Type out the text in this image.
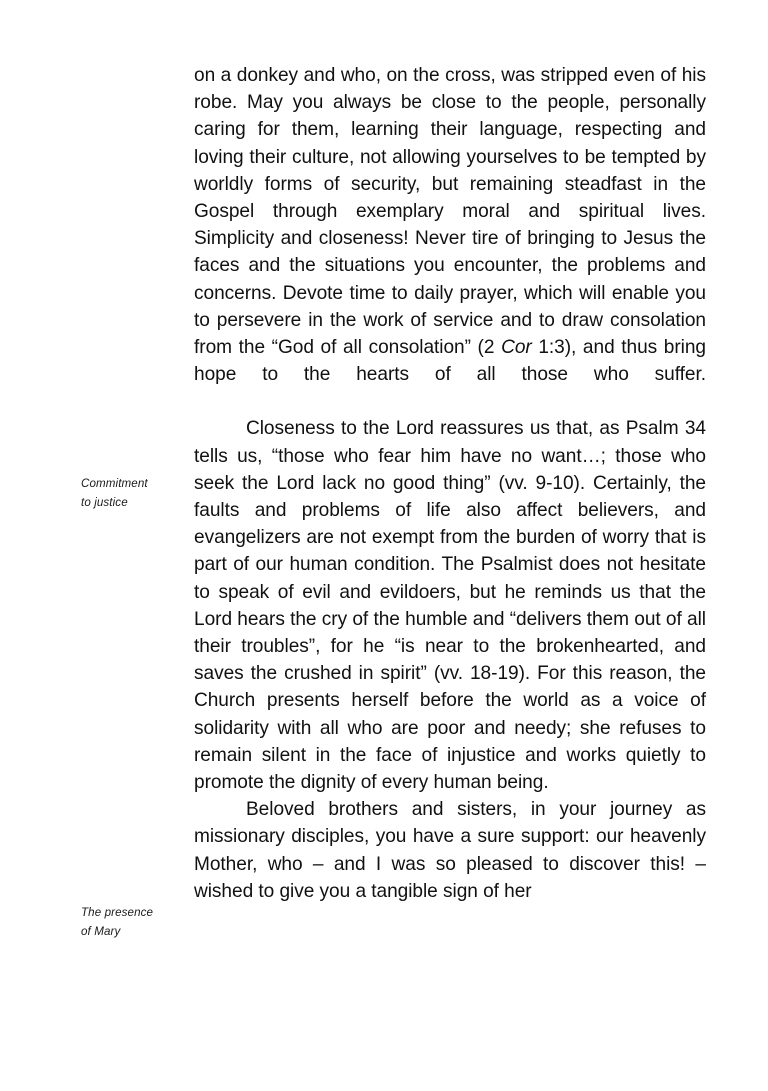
Commitment
to justice
The presence
of Mary

on a donkey and who, on the cross, was stripped even of his robe. May you always be close to the people, personally caring for them, learning their language, respecting and loving their culture, not allowing yourselves to be tempted by worldly forms of security, but remaining steadfast in the Gospel through exemplary moral and spiritual lives. Simplicity and closeness! Never tire of bringing to Jesus the faces and the situations you encounter, the problems and concerns. Devote time to daily prayer, which will enable you to persevere in the work of service and to draw consolation from the “God of all consolation” (2 Cor 1:3), and thus bring hope to the hearts of all those who suffer.

Closeness to the Lord reassures us that, as Psalm 34 tells us, “those who fear him have no want…; those who seek the Lord lack no good thing” (vv. 9-10). Certainly, the faults and problems of life also affect believers, and evangelizers are not exempt from the burden of worry that is part of our human condition. The Psalmist does not hesitate to speak of evil and evildoers, but he reminds us that the Lord hears the cry of the humble and “delivers them out of all their troubles”, for he “is near to the brokenhearted, and saves the crushed in spirit” (vv. 18-19). For this reason, the Church presents herself before the world as a voice of solidarity with all who are poor and needy; she refuses to remain silent in the face of injustice and works quietly to promote the dignity of every human being.

Beloved brothers and sisters, in your journey as missionary disciples, you have a sure support: our heavenly Mother, who – and I was so pleased to discover this! – wished to give you a tangible sign of her
